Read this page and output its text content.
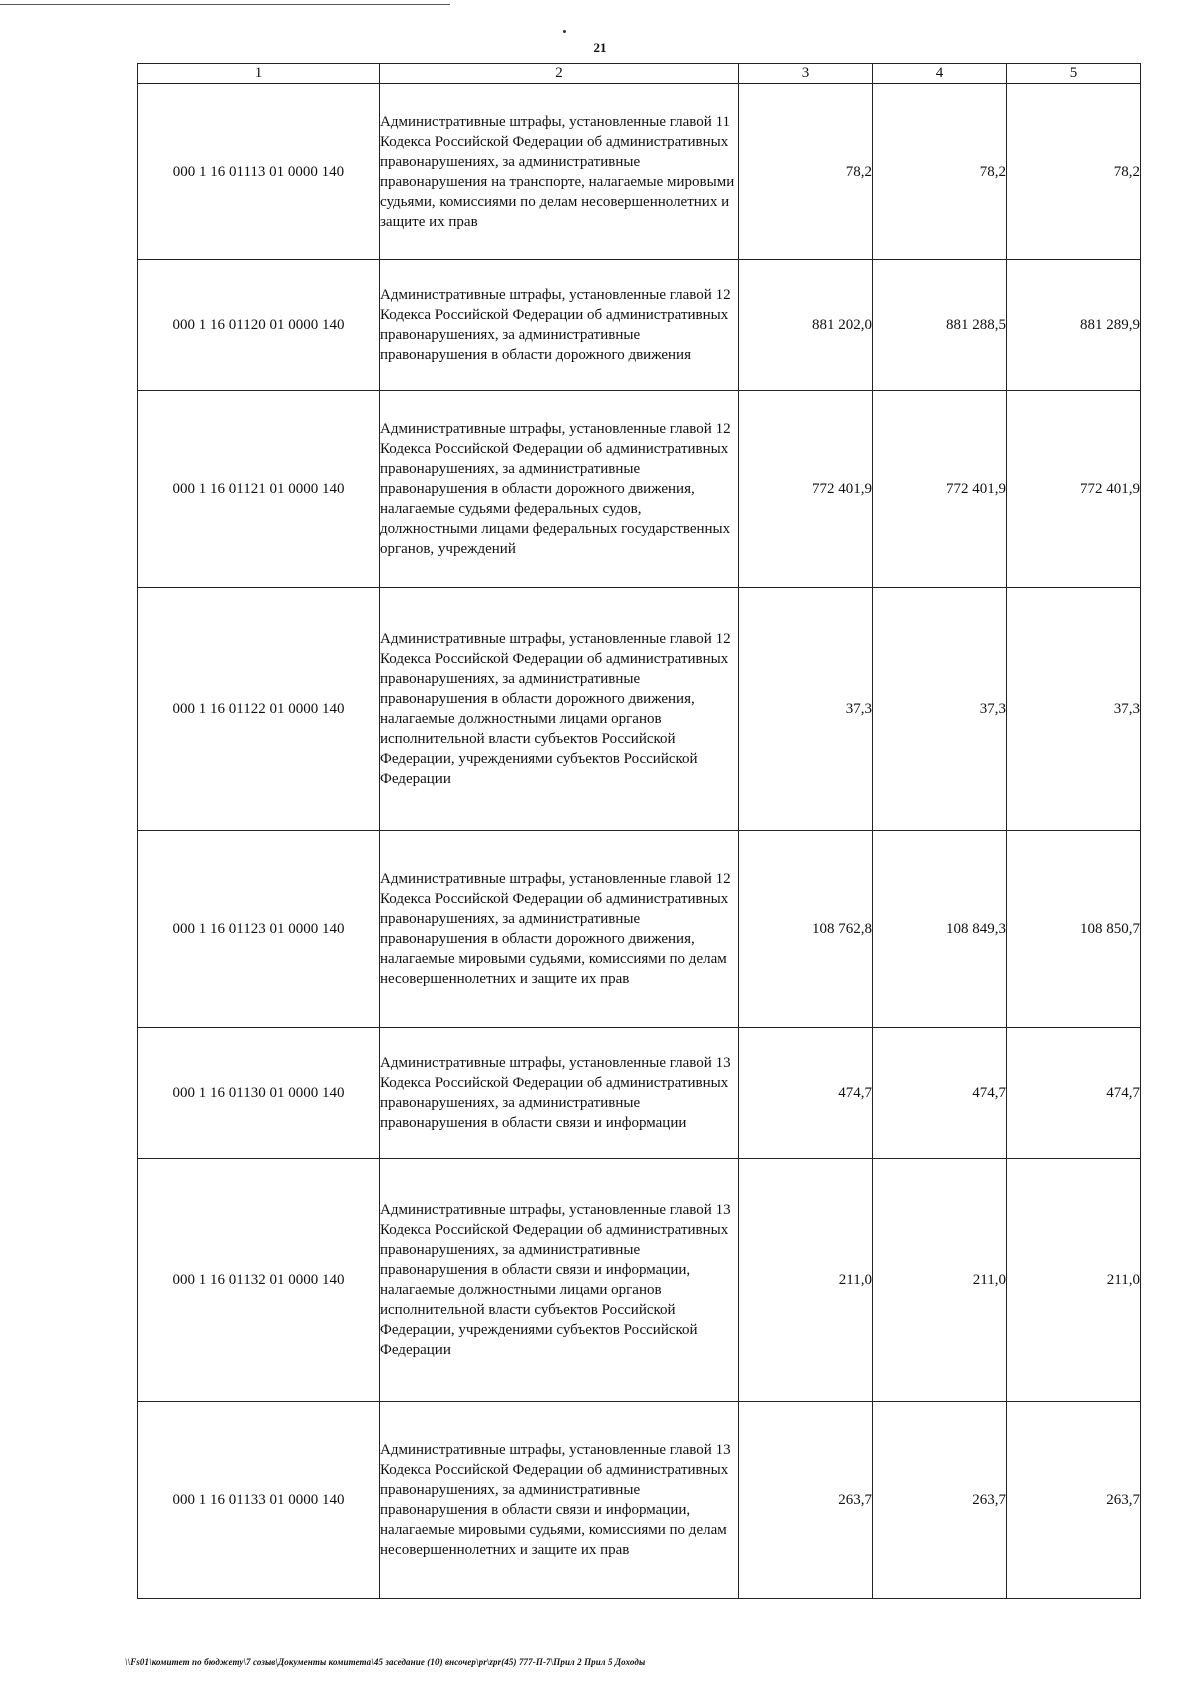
21
1	2	3	4	5
000 1 16 01113 01 0000 140	Административные штрафы, установленные главой 11 Кодекса Российской Федерации об административных правонарушениях, за административные правонарушения на транспорте, налагаемые мировыми судьями, комиссиями по делам несовершеннолетних и защите их прав	78,2	78,2	78,2
000 1 16 01120 01 0000 140	Административные штрафы, установленные главой 12 Кодекса Российской Федерации об административных правонарушениях, за административные правонарушения в области дорожного движения	881 202,0	881 288,5	881 289,9
000 1 16 01121 01 0000 140	Административные штрафы, установленные главой 12 Кодекса Российской Федерации об административных правонарушениях, за административные правонарушения в области дорожного движения, налагаемые судьями федеральных судов, должностными лицами федеральных государственных органов, учреждений	772 401,9	772 401,9	772 401,9
000 1 16 01122 01 0000 140	Административные штрафы, установленные главой 12 Кодекса Российской Федерации об административных правонарушениях, за административные правонарушения в области дорожного движения, налагаемые должностными лицами органов исполнительной власти субъектов Российской Федерации, учреждениями субъектов Российской Федерации	37,3	37,3	37,3
000 1 16 01123 01 0000 140	Административные штрафы, установленные главой 12 Кодекса Российской Федерации об административных правонарушениях, за административные правонарушения в области дорожного движения, налагаемые мировыми судьями, комиссиями по делам несовершеннолетних и защите их прав	108 762,8	108 849,3	108 850,7
000 1 16 01130 01 0000 140	Административные штрафы, установленные главой 13 Кодекса Российской Федерации об административных правонарушениях, за административные правонарушения в области связи и информации	474,7	474,7	474,7
000 1 16 01132 01 0000 140	Административные штрафы, установленные главой 13 Кодекса Российской Федерации об административных правонарушениях, за административные правонарушения в области связи и информации, налагаемые должностными лицами органов исполнительной власти субъектов Российской Федерации, учреждениями субъектов Российской Федерации	211,0	211,0	211,0
000 1 16 01133 01 0000 140	Административные штрафы, установленные главой 13 Кодекса Российской Федерации об административных правонарушениях, за административные правонарушения в области связи и информации, налагаемые мировыми судьями, комиссиями по делам несовершеннолетних и защите их прав	263,7	263,7	263,7
\\Fs01\комитет по бюджету\7 созыв\Документы комитета\45 заседание (10) внсочер\pr\zpr(45) 777-П-7\Прил 2 Прил 5 Доходы
